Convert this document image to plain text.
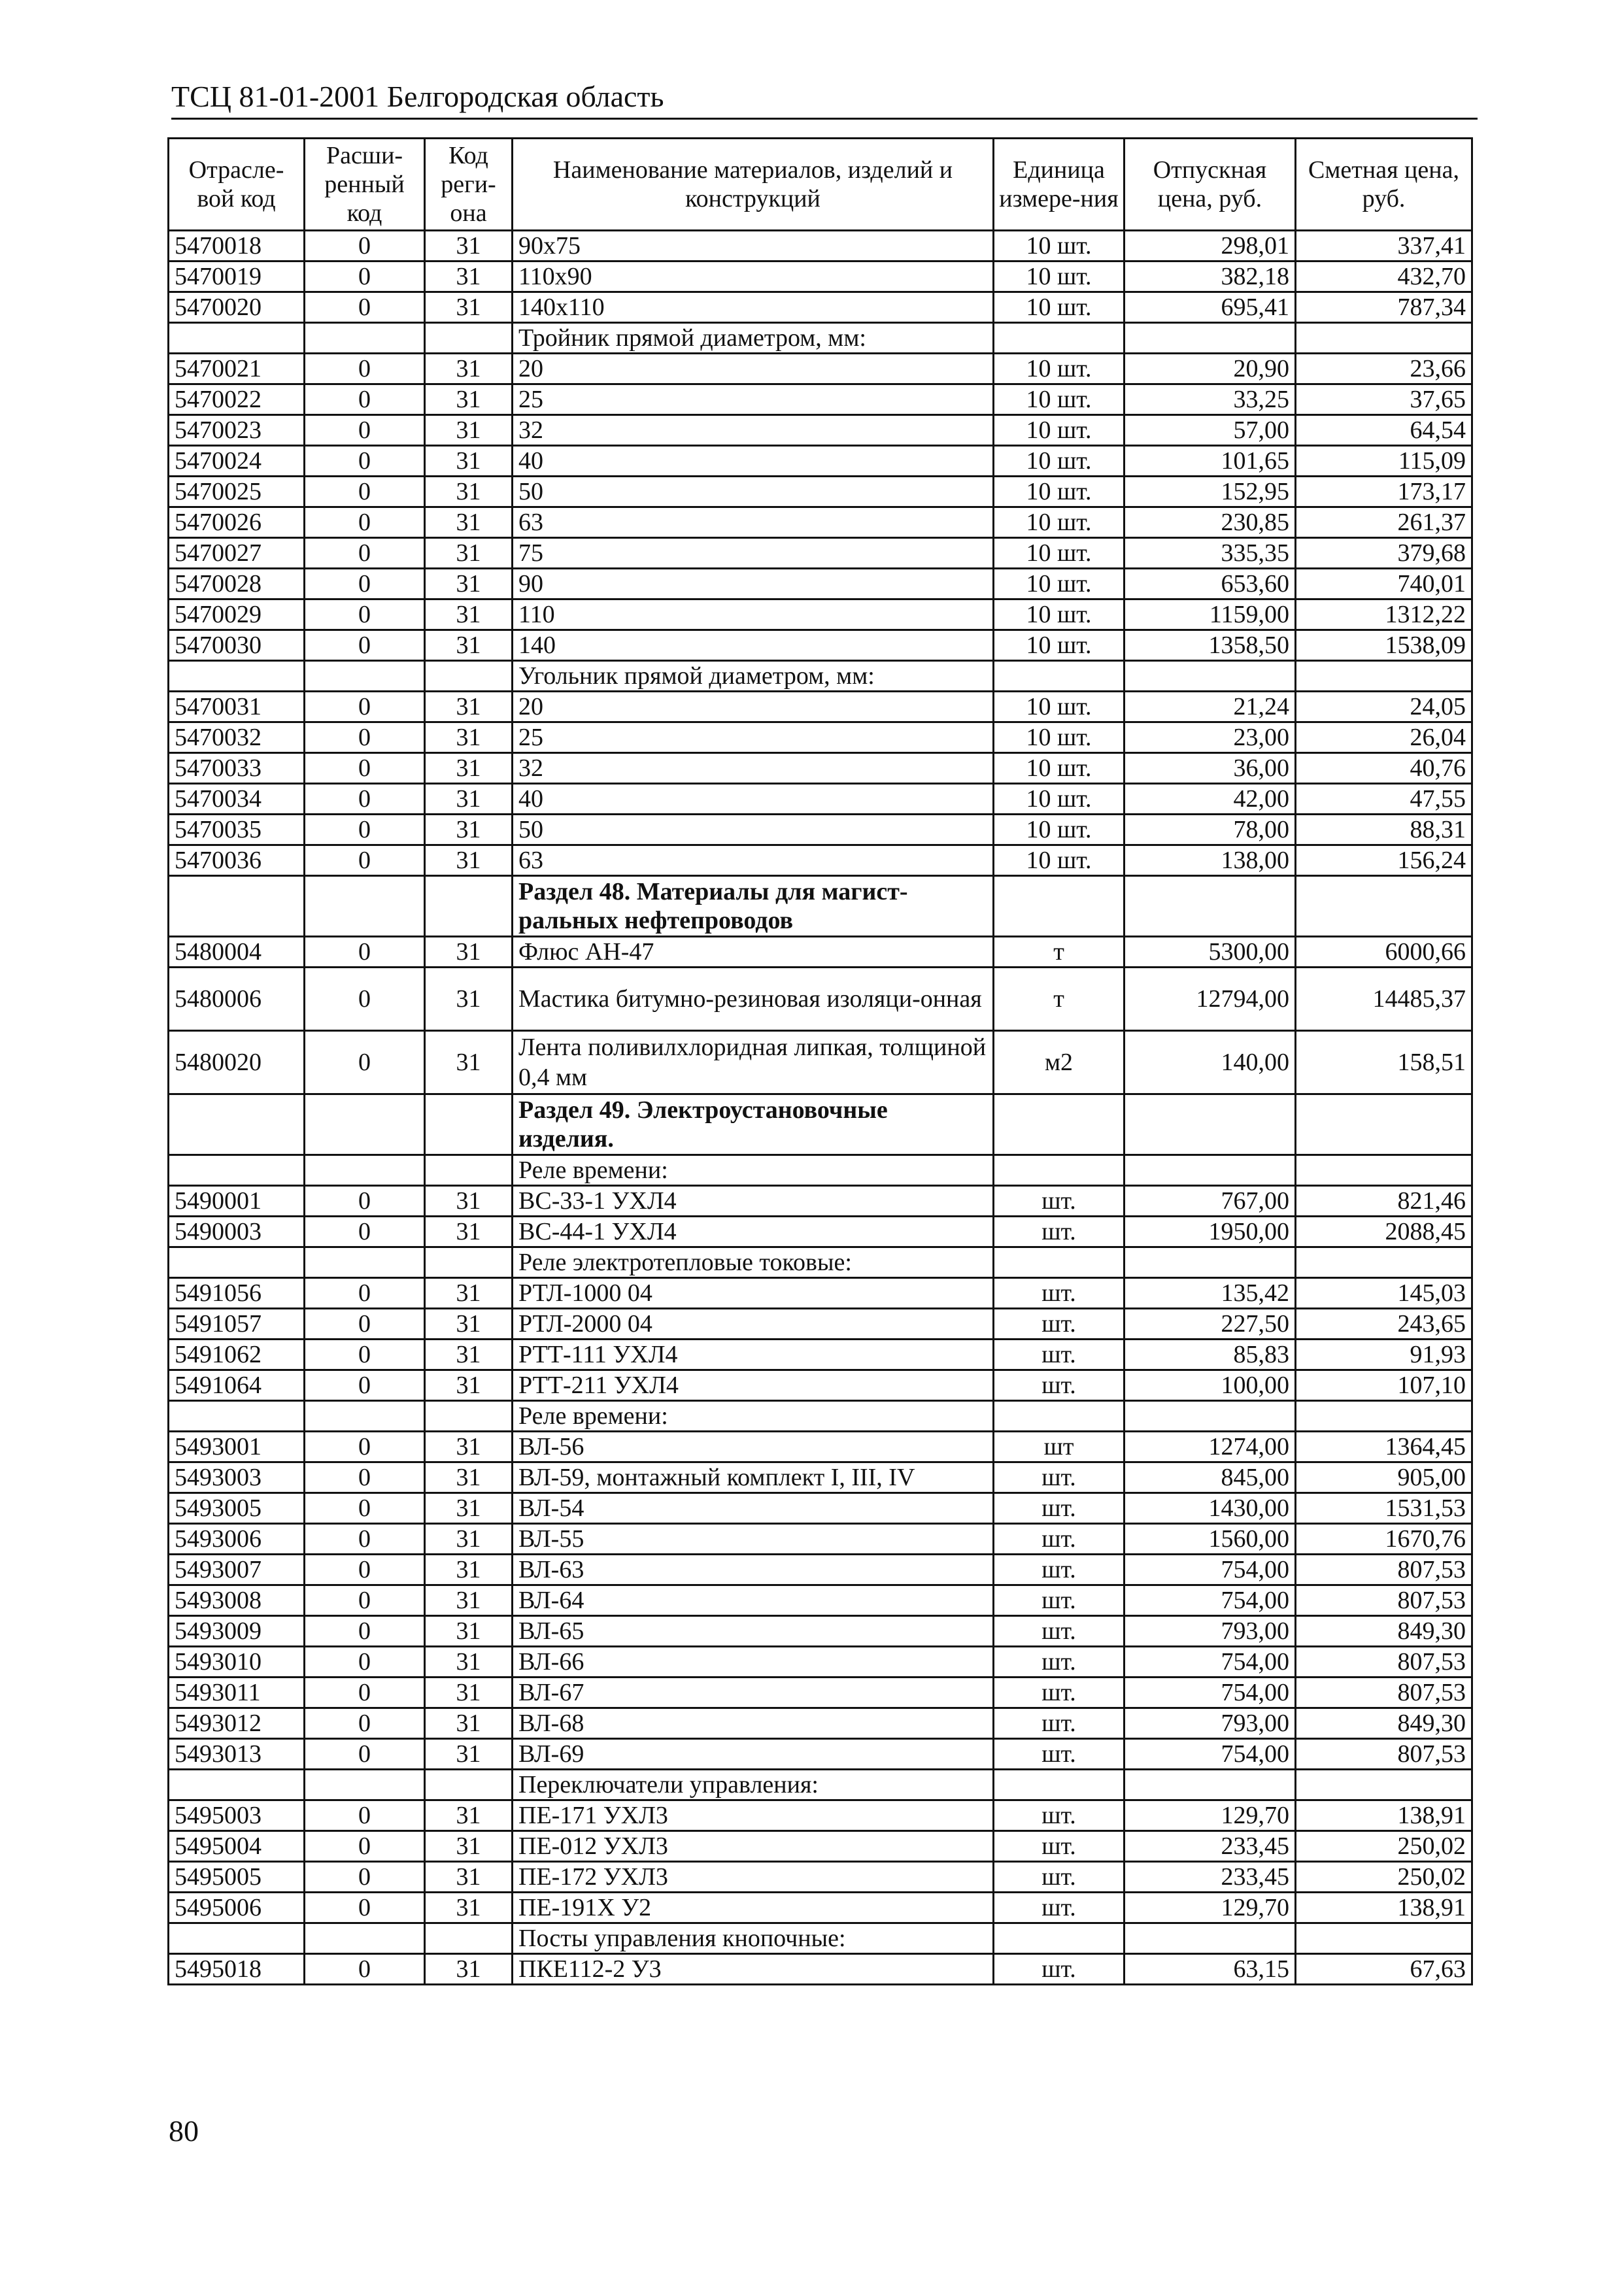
ТСЦ 81-01-2001 Белгородская область
Отрасле-вой код	Расши-ренный код	Код реги-она	Наименование материалов, изделий и конструкций	Единица измере-ния	Отпускная цена, руб.	Сметная цена, руб.
5470018	0	31	90х75	10 шт.	298,01	337,41
5470019	0	31	110х90	10 шт.	382,18	432,70
5470020	0	31	140х110	10 шт.	695,41	787,34
			Тройник прямой диаметром, мм:			
5470021	0	31	20	10 шт.	20,90	23,66
5470022	0	31	25	10 шт.	33,25	37,65
5470023	0	31	32	10 шт.	57,00	64,54
5470024	0	31	40	10 шт.	101,65	115,09
5470025	0	31	50	10 шт.	152,95	173,17
5470026	0	31	63	10 шт.	230,85	261,37
5470027	0	31	75	10 шт.	335,35	379,68
5470028	0	31	90	10 шт.	653,60	740,01
5470029	0	31	110	10 шт.	1159,00	1312,22
5470030	0	31	140	10 шт.	1358,50	1538,09
			Угольник прямой диаметром, мм:			
5470031	0	31	20	10 шт.	21,24	24,05
5470032	0	31	25	10 шт.	23,00	26,04
5470033	0	31	32	10 шт.	36,00	40,76
5470034	0	31	40	10 шт.	42,00	47,55
5470035	0	31	50	10 шт.	78,00	88,31
5470036	0	31	63	10 шт.	138,00	156,24
			Раздел 48. Материалы для магист-ральных нефтепроводов			
5480004	0	31	Флюс АН-47	т	5300,00	6000,66
5480006	0	31	Мастика битумно-резиновая изоляци-онная	т	12794,00	14485,37
5480020	0	31	Лента поливилхлоридная липкая, толщиной 0,4 мм	м2	140,00	158,51
			Раздел 49. Электроустановочные изделия.			
			Реле времени:			
5490001	0	31	ВС-33-1 УХЛ4	шт.	767,00	821,46
5490003	0	31	ВС-44-1 УХЛ4	шт.	1950,00	2088,45
			Реле электротепловые токовые:			
5491056	0	31	РТЛ-1000 04	шт.	135,42	145,03
5491057	0	31	РТЛ-2000 04	шт.	227,50	243,65
5491062	0	31	РТТ-111 УХЛ4	шт.	85,83	91,93
5491064	0	31	РТТ-211 УХЛ4	шт.	100,00	107,10
			Реле времени:			
5493001	0	31	ВЛ-56	шт	1274,00	1364,45
5493003	0	31	ВЛ-59, монтажный комплект I, III, IV	шт.	845,00	905,00
5493005	0	31	ВЛ-54	шт.	1430,00	1531,53
5493006	0	31	ВЛ-55	шт.	1560,00	1670,76
5493007	0	31	ВЛ-63	шт.	754,00	807,53
5493008	0	31	ВЛ-64	шт.	754,00	807,53
5493009	0	31	ВЛ-65	шт.	793,00	849,30
5493010	0	31	ВЛ-66	шт.	754,00	807,53
5493011	0	31	ВЛ-67	шт.	754,00	807,53
5493012	0	31	ВЛ-68	шт.	793,00	849,30
5493013	0	31	ВЛ-69	шт.	754,00	807,53
			Переключатели управления:			
5495003	0	31	ПЕ-171 УХЛ3	шт.	129,70	138,91
5495004	0	31	ПЕ-012 УХЛ3	шт.	233,45	250,02
5495005	0	31	ПЕ-172 УХЛ3	шт.	233,45	250,02
5495006	0	31	ПЕ-191Х У2	шт.	129,70	138,91
			Посты управления кнопочные:			
5495018	0	31	ПКЕ112-2 У3	шт.	63,15	67,63
80
